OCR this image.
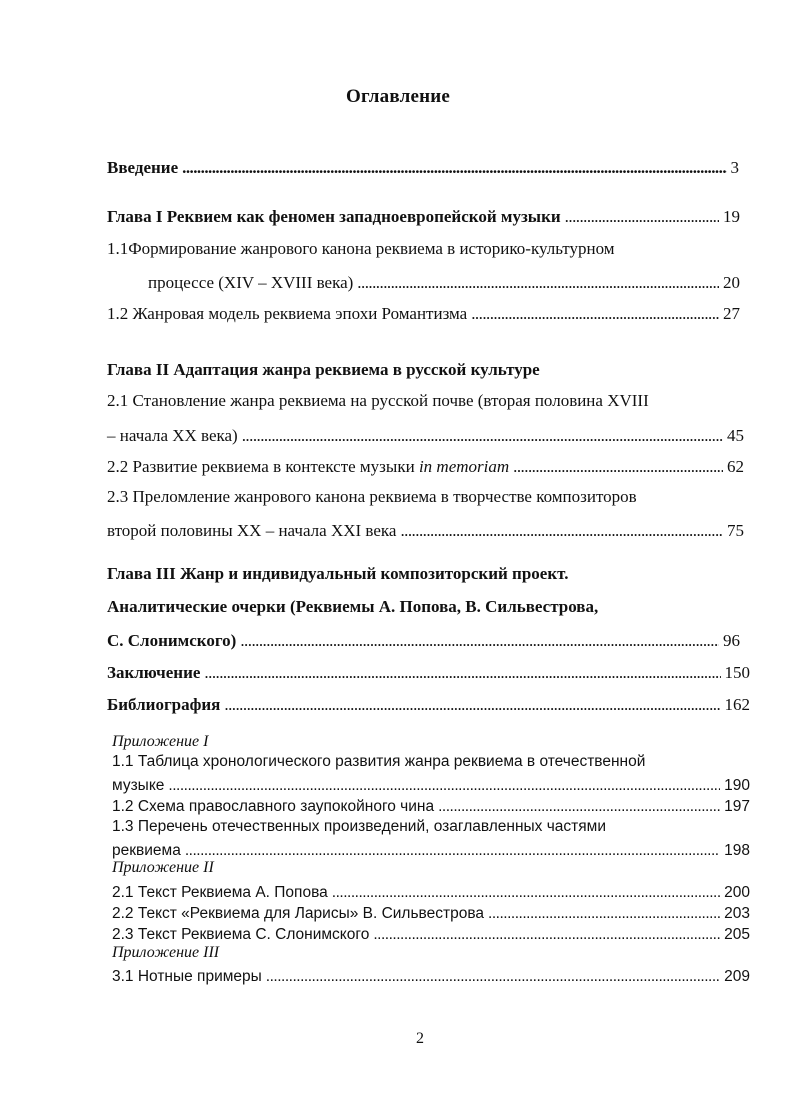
Оглавление
Введение . . .	3
Глава I Реквием как феномен западноевропейской музыки . . .	19
1.1Формирование жанрового канона реквиема в историко-культурном
процессе (XIV – XVIII века) . . .	20
1.2 Жанровая модель реквиема эпохи Романтизма . . .	27
Глава II Адаптация жанра реквиема в русской культуре
2.1 Становление жанра реквиема на русской почве (вторая половина XVIII
– начала XX века) . . .	45
2.2 Развитие реквиема в контексте музыки in memoriam . . .	62
2.3 Преломление жанрового канона реквиема в творчестве композиторов
второй половины XX – начала XXI века . . .	75
Глава III Жанр и индивидуальный композиторский проект.
Аналитические очерки (Реквиемы А. Попова, В. Сильвестрова,
С. Слонимского) . . .	96
Заключение . . .	150
Библиография . . .	162
Приложение I
1.1 Таблица хронологического развития жанра реквиема в отечественной
музыке . . .	190
1.2 Схема православного заупокойного чина . . .	197
1.3 Перечень отечественных произведений, озаглавленных частями
реквиема . . .	198
Приложение II
2.1 Текст Реквиема А. Попова . . .	200
2.2 Текст «Реквиема для Ларисы» В. Сильвестрова . . .	203
2.3 Текст Реквиема С. Слонимского . . .	205
Приложение III
3.1 Нотные примеры . . .	209
2
